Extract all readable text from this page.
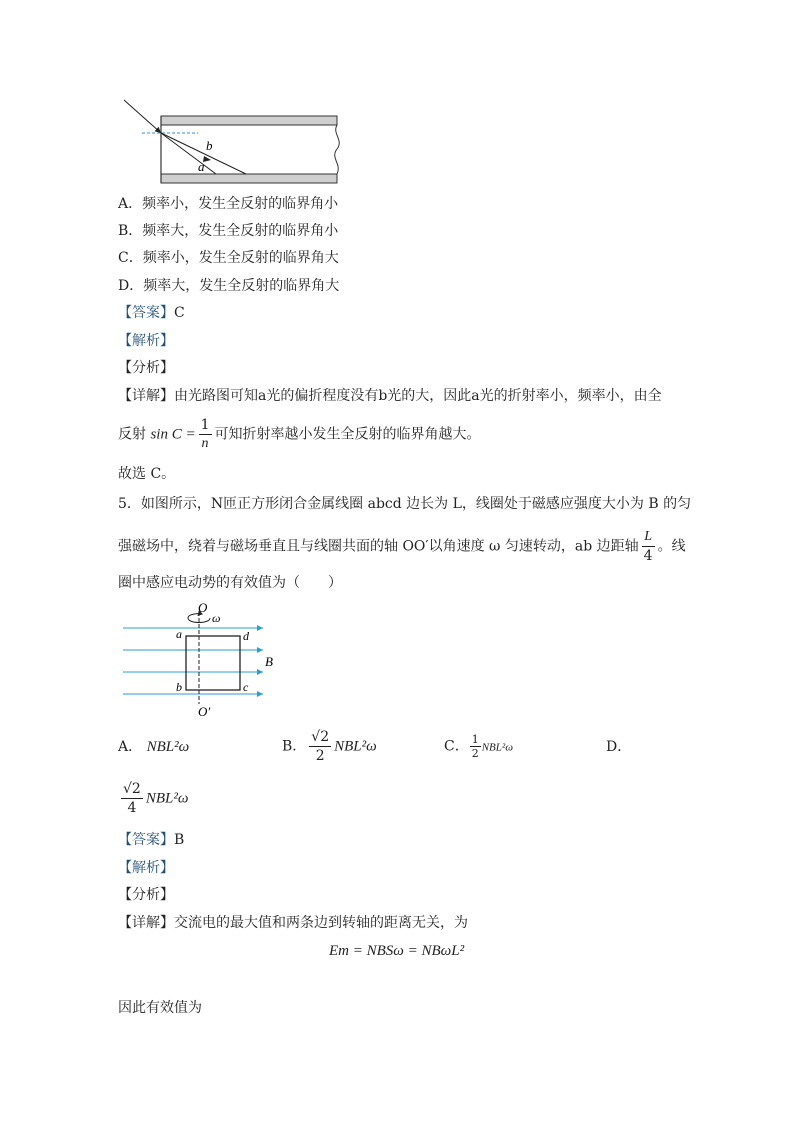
b
a
A．频率小，发生全反射的临界角小
B．频率大，发生全反射的临界角小
C．频率小，发生全反射的临界角大
D．频率大，发生全反射的临界角大
【答案】C
【解析】
【分析】
【详解】由光路图可知a光的偏折程度没有b光的大，因此a光的折射率小，频率小，由全
反射 $\sin C = \frac{1}{n}$ 可知折射率越小发生全反射的临界角越大。
故选 C。
5．如图所示，N匝正方形闭合金属线圈 abcd 边长为 L，线圈处于磁感应强度大小为 B 的匀
强磁场中，绕着与磁场垂直且与线圈共面的轴 OO′以角速度 ω 匀速转动，ab 边距轴 $\frac{L}{4}$ 。线
圈中感应电动势的有效值为（　　）
O
ω
a	d
b	c
B
O′
A． NBL²ω	B． $\frac{√2}{2} NBL^2\omega$	C． $\frac{1}{2} NBL^2\omega$	D．
$\frac{√2}{4} NBL^2\omega$
【答案】B
【解析】
【分析】
【详解】交流电的最大值和两条边到转轴的距离无关，为
Em = NBSω = NBωL²
因此有效值为
